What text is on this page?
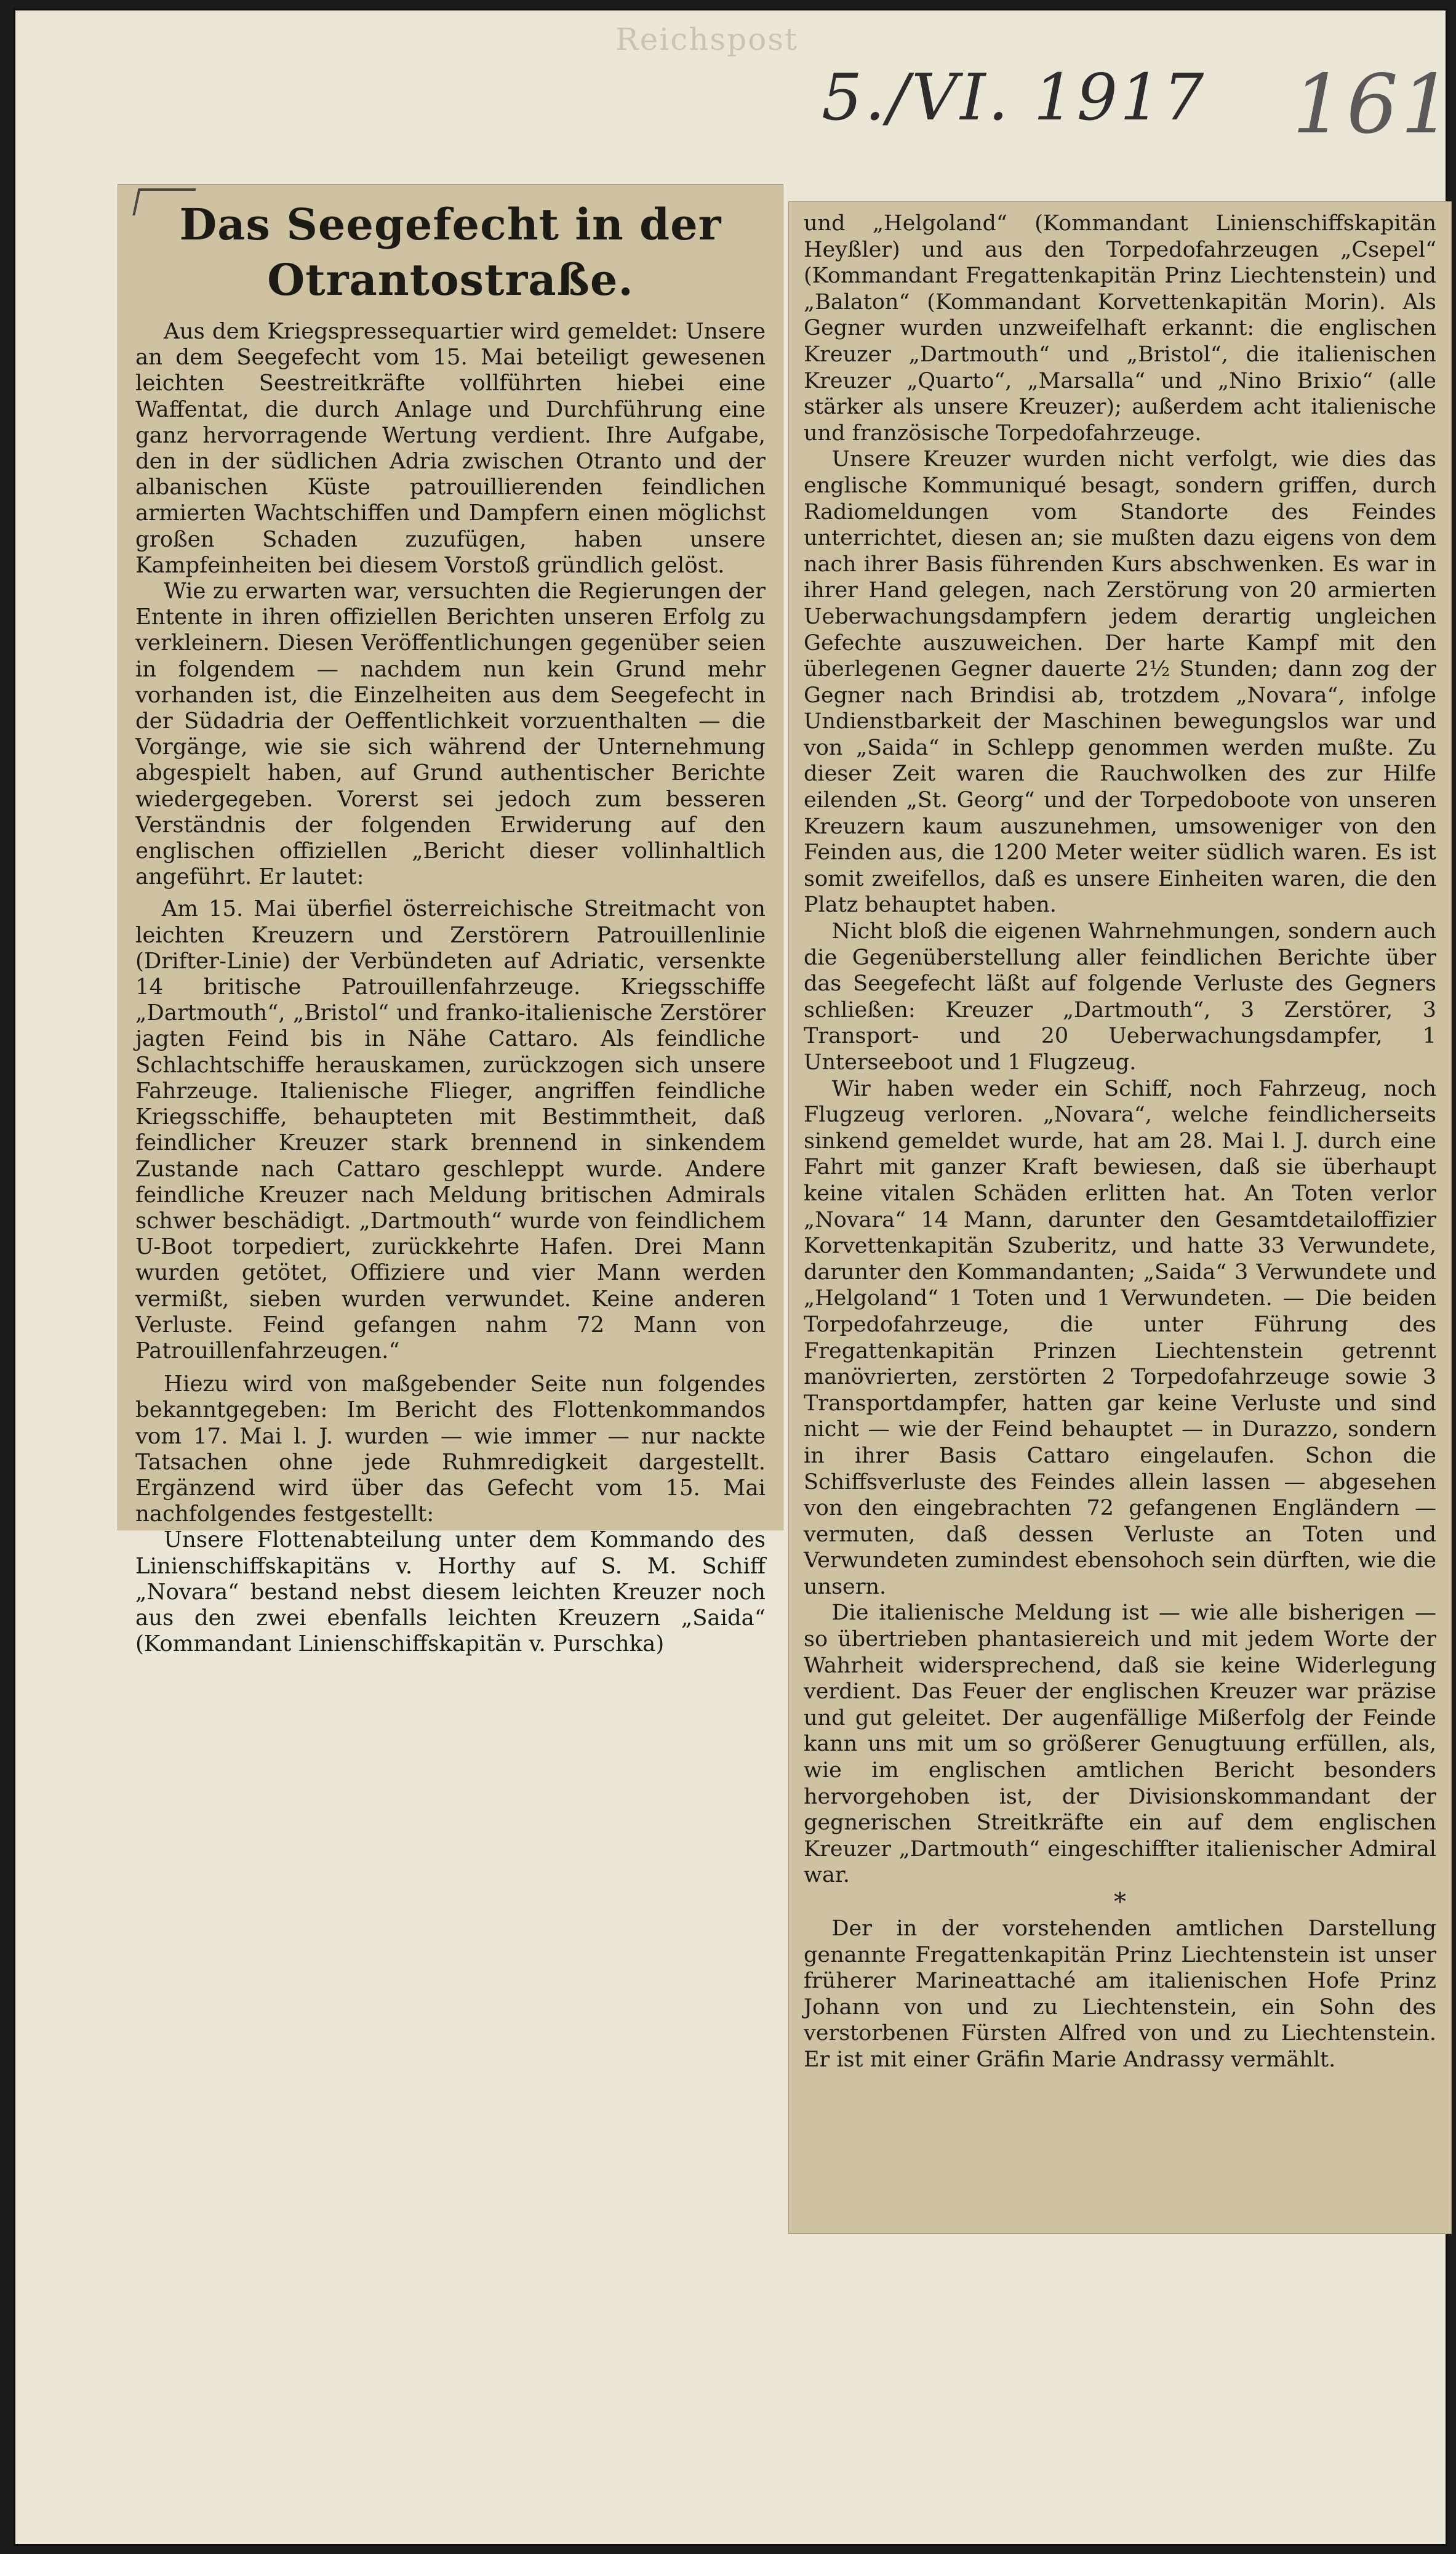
Reichspost
5./VI. 1917 161
Das Seegefecht in der
Otrantostraße.

Aus dem Kriegspressequartier wird gemeldet: Unsere an dem Seegefecht vom 15. Mai beteiligt gewesenen leichten Seestreitkräfte vollführten hiebei eine Waffentat, die durch Anlage und Durchführung eine ganz hervorragende Wertung verdient. Ihre Aufgabe, den in der südlichen Adria zwischen Otranto und der albanischen Küste patrouillierenden feindlichen armierten Wachtschiffen und Dampfern einen möglichst großen Schaden zuzufügen, haben unsere Kampfeinheiten bei diesem Vorstoß gründlich gelöst.

Wie zu erwarten war, versuchten die Regierungen der Entente in ihren offiziellen Berichten unseren Erfolg zu verkleinern. Diesen Veröffentlichungen gegenüber seien in folgendem — nachdem nun kein Grund mehr vorhanden ist, die Einzelheiten aus dem Seegefecht in der Südadria der Oeffentlichkeit vorzuenthalten — die Vorgänge, wie sie sich während der Unternehmung abgespielt haben, auf Grund authentischer Berichte wiedergegeben. Vorerst sei jedoch zum besseren Verständnis der folgenden Erwiderung auf den englischen offiziellen „Bericht dieser vollinhaltlich angeführt. Er lautet:

Am 15. Mai überfiel österreichische Streitmacht von leichten Kreuzern und Zerstörern Patrouillenlinie (Drifter-Linie) der Verbündeten auf Adriatic, versenkte 14 britische Patrouillenfahrzeuge. Kriegsschiffe „Dartmouth“, „Bristol“ und franko-italienische Zerstörer jagten Feind bis in Nähe Cattaro. Als feindliche Schlachtschiffe herauskamen, zurückzogen sich unsere Fahrzeuge. Italienische Flieger, angriffen feindliche Kriegsschiffe, behaupteten mit Bestimmtheit, daß feindlicher Kreuzer stark brennend in sinkendem Zustande nach Cattaro geschleppt wurde. Andere feindliche Kreuzer nach Meldung britischen Admirals schwer beschädigt. „Dartmouth“ wurde von feindlichem U-Boot torpediert, zurückkehrte Hafen. Drei Mann wurden getötet, Offiziere und vier Mann werden vermißt, sieben wurden verwundet. Keine anderen Verluste. Feind gefangen nahm 72 Mann von Patrouillenfahrzeugen.“

Hiezu wird von maßgebender Seite nun folgendes bekanntgegeben: Im Bericht des Flottenkommandos vom 17. Mai l. J. wurden — wie immer — nur nackte Tatsachen ohne jede Ruhmredigkeit dargestellt. Ergänzend wird über das Gefecht vom 15. Mai nachfolgendes festgestellt:

Unsere Flottenabteilung unter dem Kommando des Linienschiffskapitäns v. Horthy auf S. M. Schiff „Novara“ bestand nebst diesem leichten Kreuzer noch aus den zwei ebenfalls leichten Kreuzern „Saida“ (Kommandant Linienschiffskapitän v. Purschka)

und „Helgoland“ (Kommandant Linienschiffskapitän Heyßler) und aus den Torpedofahrzeugen „Csepel“ (Kommandant Fregattenkapitän Prinz Liechtenstein) und „Balaton“ (Kommandant Korvettenkapitän Morin). Als Gegner wurden unzweifelhaft erkannt: die englischen Kreuzer „Dartmouth“ und „Bristol“, die italienischen Kreuzer „Quarto“, „Marsalla“ und „Nino Brixio“ (alle stärker als unsere Kreuzer); außerdem acht italienische und französische Torpedofahrzeuge.

Unsere Kreuzer wurden nicht verfolgt, wie dies das englische Kommuniqué besagt, sondern griffen, durch Radiomeldungen vom Standorte des Feindes unterrichtet, diesen an; sie mußten dazu eigens von dem nach ihrer Basis führenden Kurs abschwenken. Es war in ihrer Hand gelegen, nach Zerstörung von 20 armierten Ueberwachungsdampfern jedem derartig ungleichen Gefechte auszuweichen. Der harte Kampf mit den überlegenen Gegner dauerte 2½ Stunden; dann zog der Gegner nach Brindisi ab, trotzdem „Novara“, infolge Undienstbarkeit der Maschinen bewegungslos war und von „Saida“ in Schlepp genommen werden mußte. Zu dieser Zeit waren die Rauchwolken des zur Hilfe eilenden „St. Georg“ und der Torpedoboote von unseren Kreuzern kaum auszunehmen, umsoweniger von den Feinden aus, die 1200 Meter weiter südlich waren. Es ist somit zweifellos, daß es unsere Einheiten waren, die den Platz behauptet haben.

Nicht bloß die eigenen Wahrnehmungen, sondern auch die Gegenüberstellung aller feindlichen Berichte über das Seegefecht läßt auf folgende Verluste des Gegners schließen: Kreuzer „Dartmouth“, 3 Zerstörer, 3 Transport- und 20 Ueberwachungsdampfer, 1 Unterseeboot und 1 Flugzeug.

Wir haben weder ein Schiff, noch Fahrzeug, noch Flugzeug verloren. „Novara“, welche feindlicherseits sinkend gemeldet wurde, hat am 28. Mai l. J. durch eine Fahrt mit ganzer Kraft bewiesen, daß sie überhaupt keine vitalen Schäden erlitten hat. An Toten verlor „Novara“ 14 Mann, darunter den Gesamtdetailoffizier Korvettenkapitän Szuberitz, und hatte 33 Verwundete, darunter den Kommandanten; „Saida“ 3 Verwundete und „Helgoland“ 1 Toten und 1 Verwundeten. — Die beiden Torpedofahrzeuge, die unter Führung des Fregattenkapitän Prinzen Liechtenstein getrennt manövrierten, zerstörten 2 Torpedofahrzeuge sowie 3 Transportdampfer, hatten gar keine Verluste und sind nicht — wie der Feind behauptet — in Durazzo, sondern in ihrer Basis Cattaro eingelaufen. Schon die Schiffsverluste des Feindes allein lassen — abgesehen von den eingebrachten 72 gefangenen Engländern — vermuten, daß dessen Verluste an Toten und Verwundeten zumindest ebensohoch sein dürften, wie die unsern.

Die italienische Meldung ist — wie alle bisherigen — so übertrieben phantasiereich und mit jedem Worte der Wahrheit widersprechend, daß sie keine Widerlegung verdient. Das Feuer der englischen Kreuzer war präzise und gut geleitet. Der augenfällige Mißerfolg der Feinde kann uns mit um so größerer Genugtuung erfüllen, als, wie im englischen amtlichen Bericht besonders hervorgehoben ist, der Divisionskommandant der gegnerischen Streitkräfte ein auf dem englischen Kreuzer „Dartmouth“ eingeschiffter italienischer Admiral war.

*

Der in der vorstehenden amtlichen Darstellung genannte Fregattenkapitän Prinz Liechtenstein ist unser früherer Marineattaché am italienischen Hofe Prinz Johann von und zu Liechtenstein, ein Sohn des verstorbenen Fürsten Alfred von und zu Liechtenstein. Er ist mit einer Gräfin Marie Andrassy vermählt.
